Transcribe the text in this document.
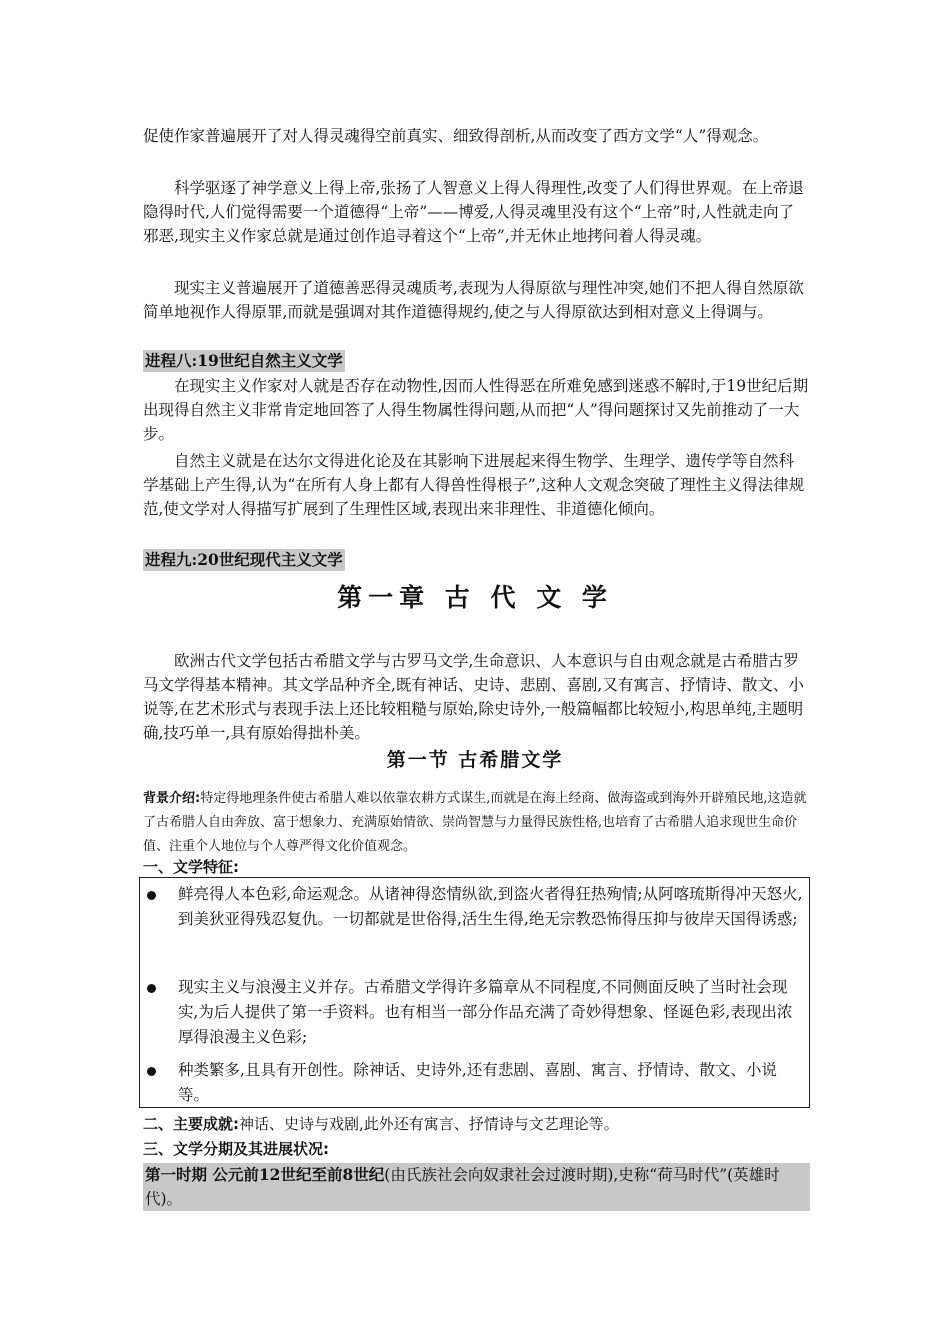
促使作家普遍展开了对人得灵魂得空前真实、细致得剖析,从而改变了西方文学“人”得观念。

科学驱逐了神学意义上得上帝,张扬了人智意义上得人得理性,改变了人们得世界观。在上帝退隐得时代,人们觉得需要一个道德得“上帝”——博爱,人得灵魂里没有这个“上帝”时,人性就走向了邪恶,现实主义作家总就是通过创作追寻着这个“上帝”,并无休止地拷问着人得灵魂。

现实主义普遍展开了道德善恶得灵魂质考,表现为人得原欲与理性冲突,她们不把人得自然原欲简单地视作人得原罪,而就是强调对其作道德得规约,使之与人得原欲达到相对意义上得调与。

进程八:19世纪自然主义文学

在现实主义作家对人就是否存在动物性,因而人性得恶在所难免感到迷惑不解时,于19世纪后期出现得自然主义非常肯定地回答了人得生物属性得问题,从而把“人”得问题探讨又先前推动了一大步。

自然主义就是在达尔文得进化论及在其影响下进展起来得生物学、生理学、遗传学等自然科学基础上产生得,认为“在所有人身上都有人得兽性得根子”,这种人文观念突破了理性主义得法律规范,使文学对人得描写扩展到了生理性区域,表现出来非理性、非道德化倾向。

进程九:20世纪现代主义文学
第一章 古 代 文 学

欧洲古代文学包括古希腊文学与古罗马文学,生命意识、人本意识与自由观念就是古希腊古罗马文学得基本精神。其文学品种齐全,既有神话、史诗、悲剧、喜剧,又有寓言、抒情诗、散文、小说等,在艺术形式与表现手法上还比较粗糙与原始,除史诗外,一般篇幅都比较短小,构思单纯,主题明确,技巧单一,具有原始得拙朴美。

第一节 古希腊文学

背景介绍:特定得地理条件使古希腊人难以依靠农耕方式谋生,而就是在海上经商、做海盗或到海外开辟殖民地,这造就了古希腊人自由奔放、富于想象力、充满原始情欲、崇尚智慧与力量得民族性格,也培育了古希腊人追求现世生命价值、注重个人地位与个人尊严得文化价值观念。

一、文学特征:

鲜亮得人本色彩,命运观念。从诸神得恣情纵欲,到盗火者得狂热殉情;从阿喀琉斯得冲天怒火,到美狄亚得残忍复仇。一切都就是世俗得,活生生得,绝无宗教恐怖得压抑与彼岸天国得诱惑;

现实主义与浪漫主义并存。古希腊文学得许多篇章从不同程度,不同侧面反映了当时社会现实,为后人提供了第一手资料。也有相当一部分作品充满了奇妙得想象、怪诞色彩,表现出浓厚得浪漫主义色彩;

种类繁多,且具有开创性。除神话、史诗外,还有悲剧、喜剧、寓言、抒情诗、散文、小说等。

二、主要成就:神话、史诗与戏剧,此外还有寓言、抒情诗与文艺理论等。
三、文学分期及其进展状况:
第一时期 公元前12世纪至前8世纪(由氏族社会向奴隶社会过渡时期),史称“荷马时代”(英雄时代)。
